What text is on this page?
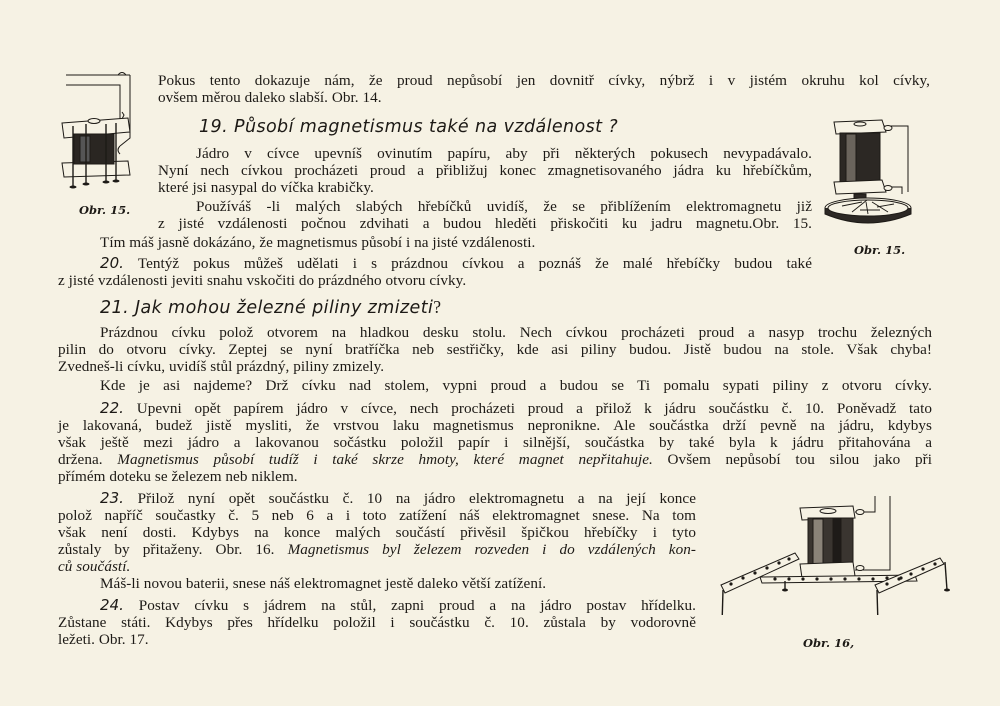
Obr. 15.
Obr. 15.
Obr. 16,
Pokus tento dokazuje nám, že proud nepůsobí jen dovnitř cívky, nýbrž i v jistém okruhu kol cívky,
ovšem měrou daleko slabší. Obr. 14.
19. Působí magnetismus také na vzdálenost ?
Jádro v cívce upevníš ovinutím papíru, aby při některých pokusech nevypadávalo.
Nyní nech cívkou procházeti proud a přibližuj konec zmagnetisovaného jádra ku hřebíčkům,
které jsi nasypal do víčka krabičky.
Používáš -li malých slabých hřebíčků uvidíš, že se přiblížením elektromagnetu již
z jisté vzdálenosti počnou zdvihati a budou hleděti přiskočiti ku jadru magnetu.Obr. 15.
Tím máš jasně dokázáno, že magnetismus působí i na jisté vzdálenosti.
20. Tentýž pokus můžeš udělati i s prázdnou cívkou a poznáš že malé hřebíčky budou také
z jisté vzdálenosti jeviti snahu vskočiti do prázdného otvoru cívky.
21. Jak mohou železné piliny zmizeti?
Prázdnou cívku polož otvorem na hladkou desku stolu. Nech cívkou procházeti proud a nasyp trochu železných
pilin do otvoru cívky. Zeptej se nyní bratříčka neb sestřičky, kde asi piliny budou. Jistě budou na stole. Však chyba!
Zvedneš-li cívku, uvidíš stůl prázdný, piliny zmizely.
Kde je asi najdeme? Drž cívku nad stolem, vypni proud a budou se Ti pomalu sypati piliny z otvoru cívky.
22. Upevni opět papírem jádro v cívce, nech procházeti proud a přilož k jádru součástku č. 10. Poněvadž tato
je lakovaná, budež jistě mysliti, že vrstvou laku magnetismus nepronikne. Ale součástka drží pevně na jádru, kdybys
však ještě mezi jádro a lakovanou sočástku položil papír i silnější, součástka by také byla k jádru přitahována a
držena. Magnetismus působí tudíž i také skrze hmoty, které magnet nepřitahuje. Ovšem nepůsobí tou silou jako při
přímém doteku se železem neb niklem.
23. Přilož nyní opět součástku č. 10 na jádro elektromagnetu a na její konce
polož napříč součastky č. 5 neb 6 a i toto zatížení náš elektromagnet snese. Na tom
však není dosti. Kdybys na konce malých součástí přivěsil špičkou hřebíčky i tyto
zůstaly by přitaženy. Obr. 16. Magnetismus byl železem rozveden i do vzdálených kon-
ců součástí.
Máš-li novou baterii, snese náš elektromagnet jestě daleko větší zatížení.
24. Postav cívku s jádrem na stůl, zapni proud a na jádro postav hřídelku.
Zůstane státi. Kdybys přes hřídelku položil i součástku č. 10. zůstala by vodorovně
ležeti. Obr. 17.
